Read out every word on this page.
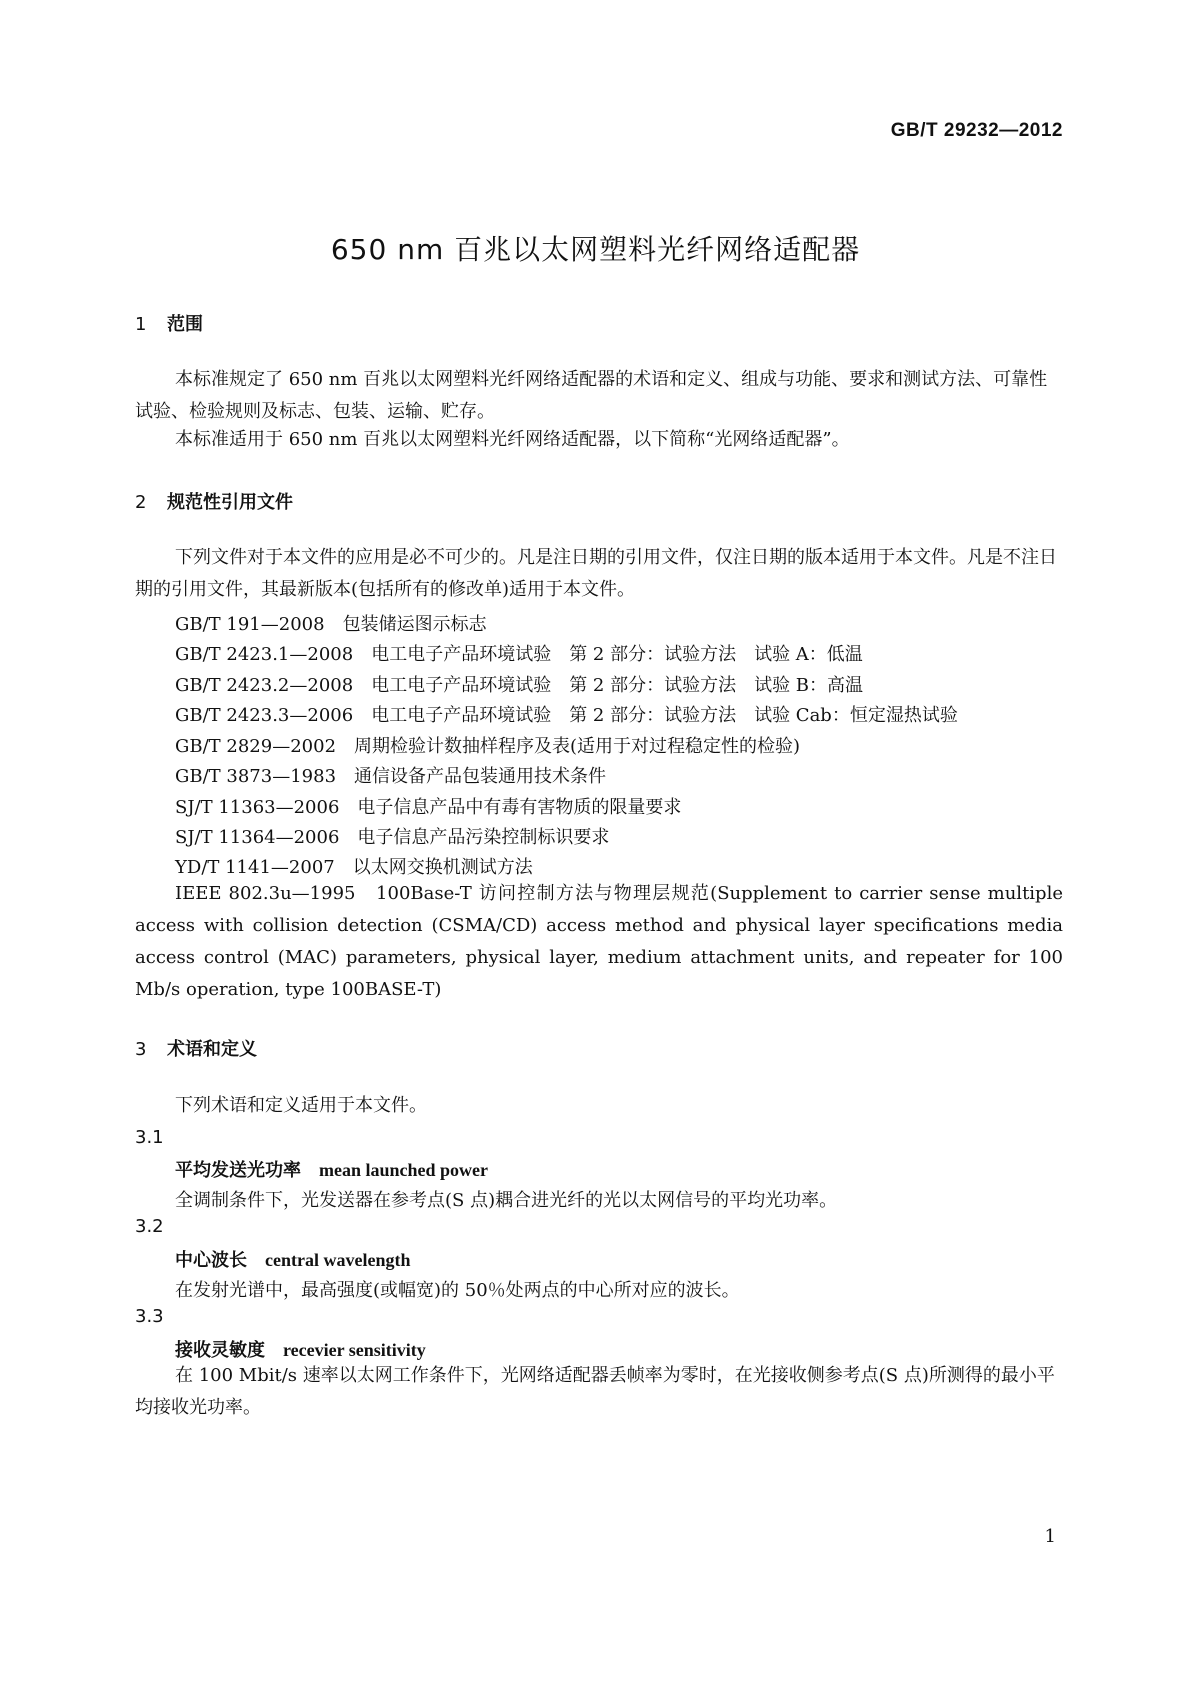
GB/T 29232—2012
650 nm 百兆以太网塑料光纤网络适配器
1 范围

本标准规定了 650 nm 百兆以太网塑料光纤网络适配器的术语和定义、组成与功能、要求和测试方法、可靠性试验、检验规则及标志、包装、运输、贮存。

本标准适用于 650 nm 百兆以太网塑料光纤网络适配器，以下简称“光网络适配器”。

2 规范性引用文件

下列文件对于本文件的应用是必不可少的。凡是注日期的引用文件，仅注日期的版本适用于本文件。凡是不注日期的引用文件，其最新版本(包括所有的修改单)适用于本文件。

GB/T 191—2008　包装储运图示标志
GB/T 2423.1—2008　电工电子产品环境试验　第 2 部分：试验方法　试验 A：低温
GB/T 2423.2—2008　电工电子产品环境试验　第 2 部分：试验方法　试验 B：高温
GB/T 2423.3—2006　电工电子产品环境试验　第 2 部分：试验方法　试验 Cab：恒定湿热试验
GB/T 2829—2002　周期检验计数抽样程序及表(适用于对过程稳定性的检验)
GB/T 3873—1983　通信设备产品包装通用技术条件
SJ/T 11363—2006　电子信息产品中有毒有害物质的限量要求
SJ/T 11364—2006　电子信息产品污染控制标识要求
YD/T 1141—2007　以太网交换机测试方法

IEEE 802.3u—1995　100Base-T 访问控制方法与物理层规范(Supplement to carrier sense multiple access with collision detection (CSMA/CD) access method and physical layer specifications media access control (MAC) parameters, physical layer, medium attachment units, and repeater for 100 Mb/s operation, type 100BASE-T)

3 术语和定义

下列术语和定义适用于本文件。

3.1
平均发送光功率 mean launched power
全调制条件下，光发送器在参考点(S 点)耦合进光纤的光以太网信号的平均光功率。
3.2
中心波长 central wavelength
在发射光谱中，最高强度(或幅宽)的 50％处两点的中心所对应的波长。
3.3
接收灵敏度 recevier sensitivity

在 100 Mbit/s 速率以太网工作条件下，光网络适配器丢帧率为零时，在光接收侧参考点(S 点)所测得的最小平均接收光功率。

1
